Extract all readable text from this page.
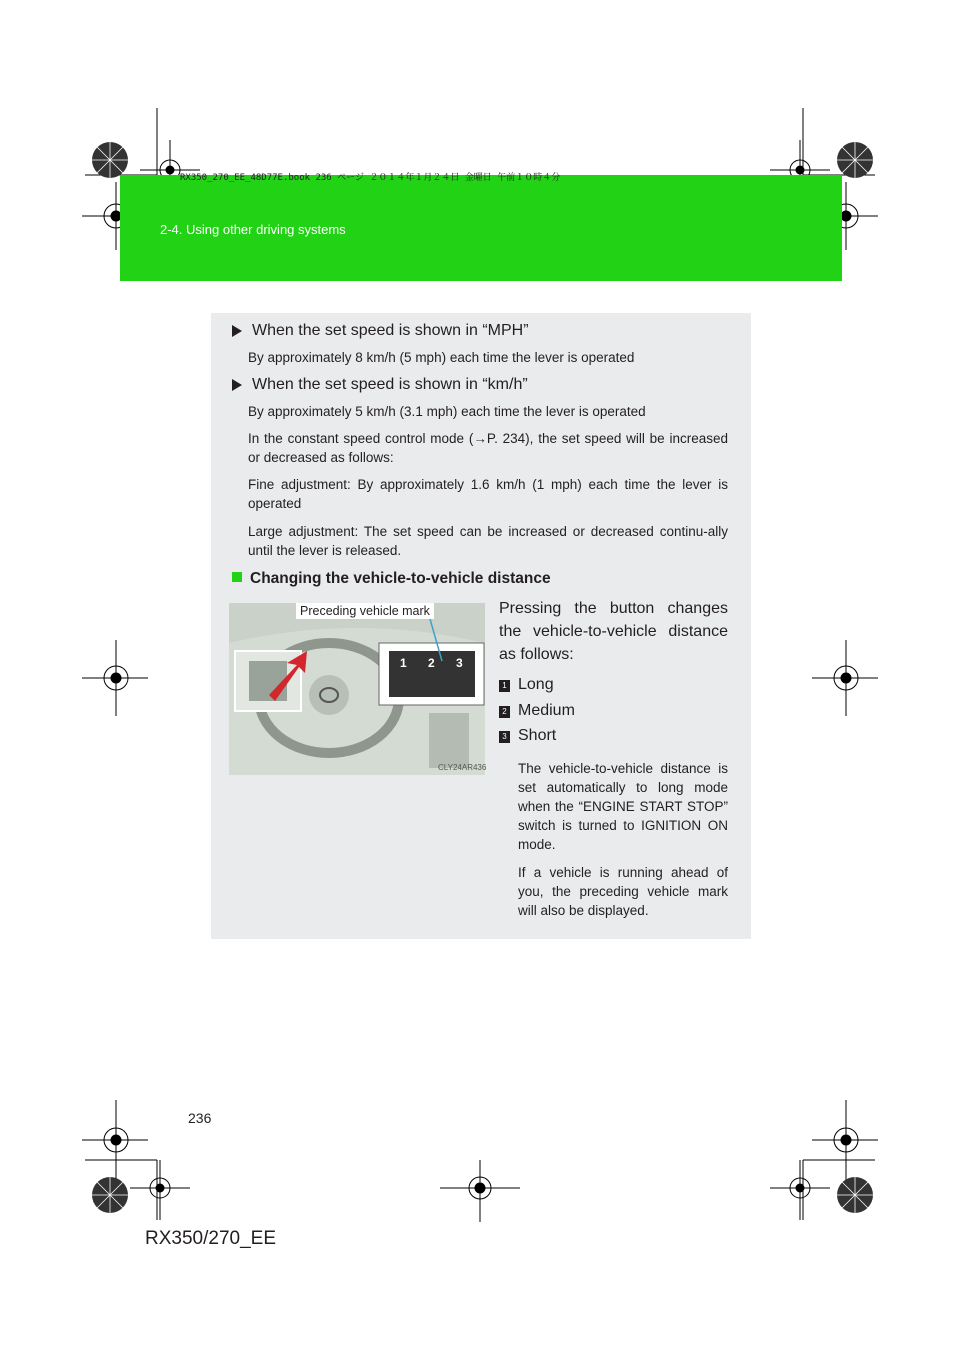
RX350_270_EE_48D77E.book 236 ページ ２０１４年１月２４日 金曜日 午前１０時４分
2-4. Using other driving systems
When the set speed is shown in “MPH”
By approximately 8 km/h (5 mph) each time the lever is operated
When the set speed is shown in “km/h”
By approximately 5 km/h (3.1 mph) each time the lever is operated
In the constant speed control mode (→P. 234), the set speed will be increased or decreased as follows:
Fine adjustment: By approximately 1.6 km/h (1 mph) each time the lever is operated
Large adjustment: The set speed can be increased or decreased continu-ally until the lever is released.
Changing the vehicle-to-vehicle distance
1 2 3
Preceding vehicle mark
CLY24AR436
Pressing the button changes the vehicle-to-vehicle distance as follows:
1 Long
2 Medium
3 Short
The vehicle-to-vehicle distance is set automatically to long mode when the “ENGINE START STOP” switch is turned to IGNITION ON mode.
If a vehicle is running ahead of you, the preceding vehicle mark will also be displayed.
236
RX350/270_EE
